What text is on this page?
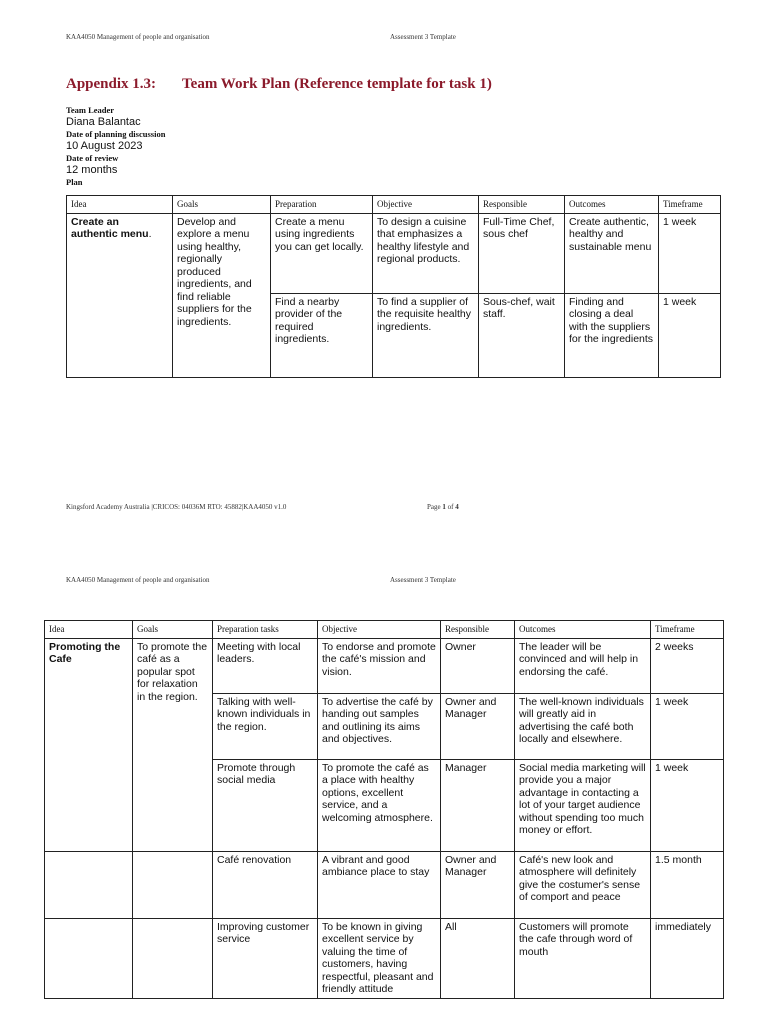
KAA4050 Management of people and organisation	Assessment 3 Template
Appendix 1.3: Team Work Plan (Reference template for task 1)
Team Leader
Diana Balantac
Date of planning discussion
10 August 2023
Date of review
12 months
Plan
Idea	Goals	Preparation	Objective	Responsible	Outcomes	Timeframe
Create an authentic menu.	Develop and explore a menu using healthy, regionally produced ingredients, and find reliable suppliers for the ingredients.	Create a menu using ingredients you can get locally.	To design a cuisine that emphasizes a healthy lifestyle and regional products.	Full-Time Chef, sous chef	Create authentic, healthy and sustainable menu	1 week
		Find a nearby provider of the required ingredients.	To find a supplier of the requisite healthy ingredients.	Sous-chef, wait staff.	Finding and closing a deal with the suppliers for the ingredients	1 week
Kingsford Academy Australia |CRICOS: 04036M RTO: 45882|KAA4050 v1.0	Page 1 of 4
KAA4050 Management of people and organisation	Assessment 3 Template
Idea	Goals	Preparation tasks	Objective	Responsible	Outcomes	Timeframe
Promoting the Cafe	To promote the café as a popular spot for relaxation in the region.	Meeting with local leaders.	To endorse and promote the café's mission and vision.	Owner	The leader will be convinced and will help in endorsing the café.	2 weeks
		Talking with well-known individuals in the region.	To advertise the café by handing out samples and outlining its aims and objectives.	Owner and Manager	The well-known individuals will greatly aid in advertising the café both locally and elsewhere.	1 week
		Promote through social media	To promote the café as a place with healthy options, excellent service, and a welcoming atmosphere.	Manager	Social media marketing will provide you a major advantage in contacting a lot of your target audience without spending too much money or effort.	1 week
		Café renovation	A vibrant and good ambiance place to stay	Owner and Manager	Café's new look and atmosphere will definitely give the costumer's sense of comport and peace	1.5 month
		Improving customer service	To be known in giving excellent service by valuing the time of customers, having respectful, pleasant and friendly attitude	All	Customers will promote the cafe through word of mouth	immediately
